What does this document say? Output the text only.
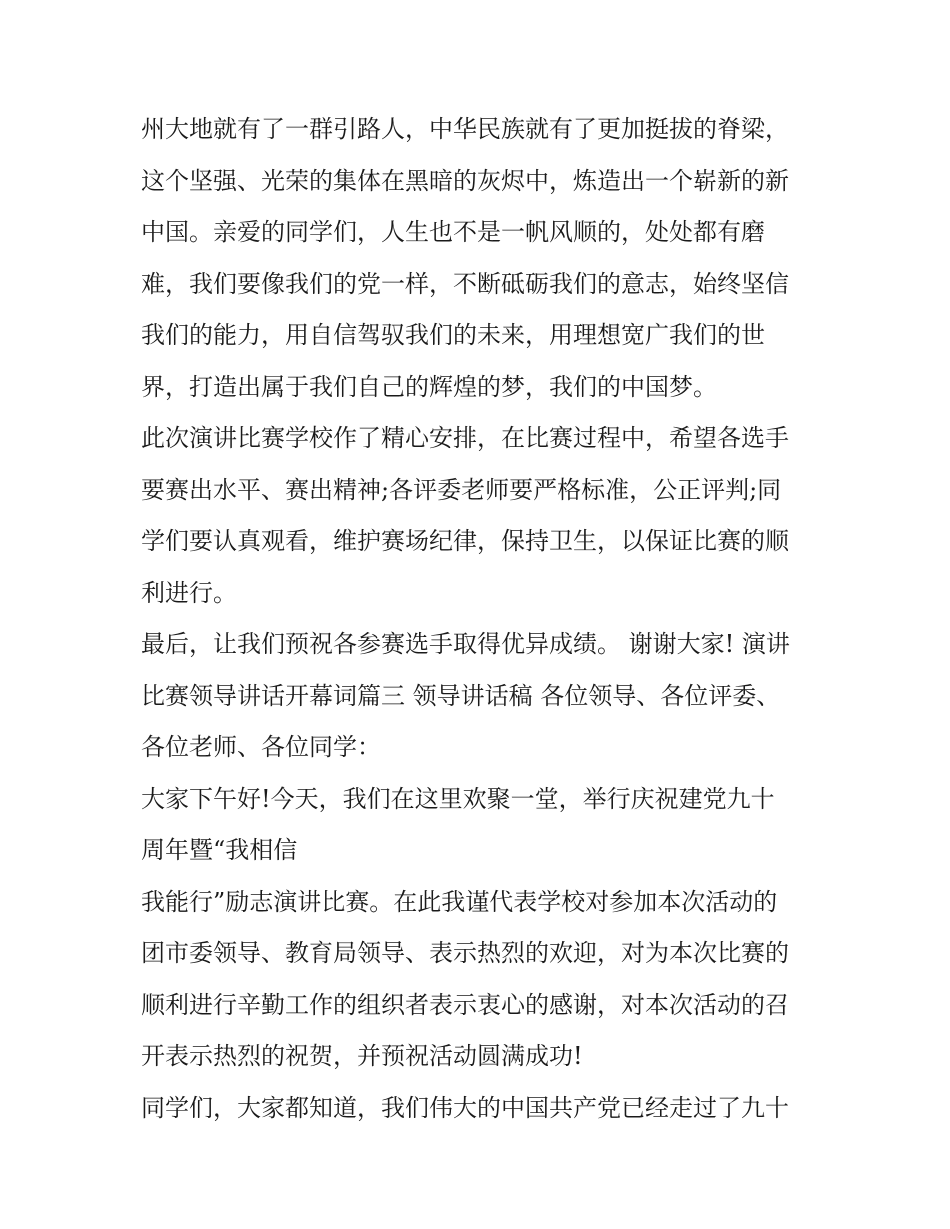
州大地就有了一群引路人，中华民族就有了更加挺拔的脊梁，
这个坚强、光荣的集体在黑暗的灰烬中，炼造出一个崭新的新
中国。亲爱的同学们，人生也不是一帆风顺的，处处都有磨
难，我们要像我们的党一样，不断砥砺我们的意志，始终坚信
我们的能力，用自信驾驭我们的未来，用理想宽广我们的世
界，打造出属于我们自己的辉煌的梦，我们的中国梦。
此次演讲比赛学校作了精心安排，在比赛过程中，希望各选手
要赛出水平、赛出精神;各评委老师要严格标准，公正评判;同
学们要认真观看，维护赛场纪律，保持卫生，以保证比赛的顺
利进行。
最后，让我们预祝各参赛选手取得优异成绩。 谢谢大家! 演讲
比赛领导讲话开幕词篇三 领导讲话稿 各位领导、各位评委、
各位老师、各位同学：
大家下午好!今天，我们在这里欢聚一堂，举行庆祝建党九十
周年暨“我相信
我能行”励志演讲比赛。在此我谨代表学校对参加本次活动的
团市委领导、教育局领导、表示热烈的欢迎，对为本次比赛的
顺利进行辛勤工作的组织者表示衷心的感谢，对本次活动的召
开表示热烈的祝贺，并预祝活动圆满成功!
同学们，大家都知道，我们伟大的中国共产党已经走过了九十
